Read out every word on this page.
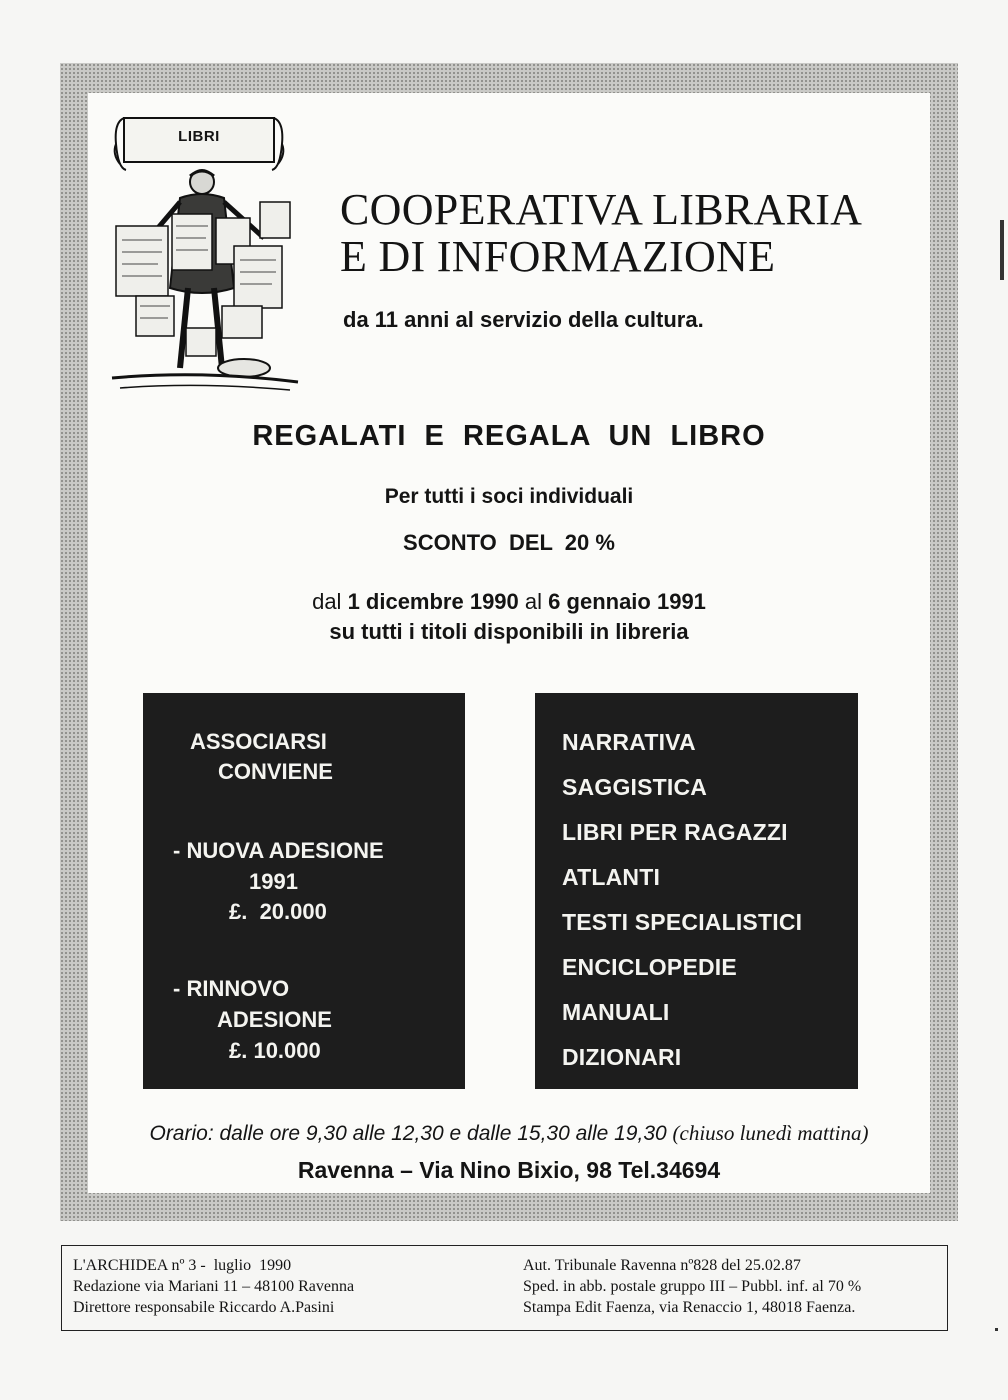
LIBRI
COOPERATIVA LIBRARIA
E DI INFORMAZIONE
da 11 anni al servizio della cultura.
REGALATI  E  REGALA  UN  LIBRO
Per tutti i soci individuali
SCONTO  DEL  20 %
dal 1 dicembre 1990 al 6 gennaio 1991
su tutti i titoli disponibili in libreria
ASSOCIARSI
CONVIENE
- NUOVA ADESIONE
1991
£.  20.000
- RINNOVO
ADESIONE
£. 10.000
NARRATIVA
SAGGISTICA
LIBRI PER RAGAZZI
ATLANTI
TESTI SPECIALISTICI
ENCICLOPEDIE
MANUALI
DIZIONARI
Orario: dalle ore 9,30 alle 12,30 e dalle 15,30 alle 19,30 (chiuso lunedì mattina)
Ravenna – Via Nino Bixio, 98 Tel.34694
L'ARCHIDEA nº 3 -  luglio  1990
Redazione via Mariani 11 – 48100 Ravenna
Direttore responsabile Riccardo A.Pasini
Aut. Tribunale Ravenna nº828 del 25.02.87
Sped. in abb. postale gruppo III – Pubbl. inf. al 70 %
Stampa Edit Faenza, via Renaccio 1, 48018 Faenza.
